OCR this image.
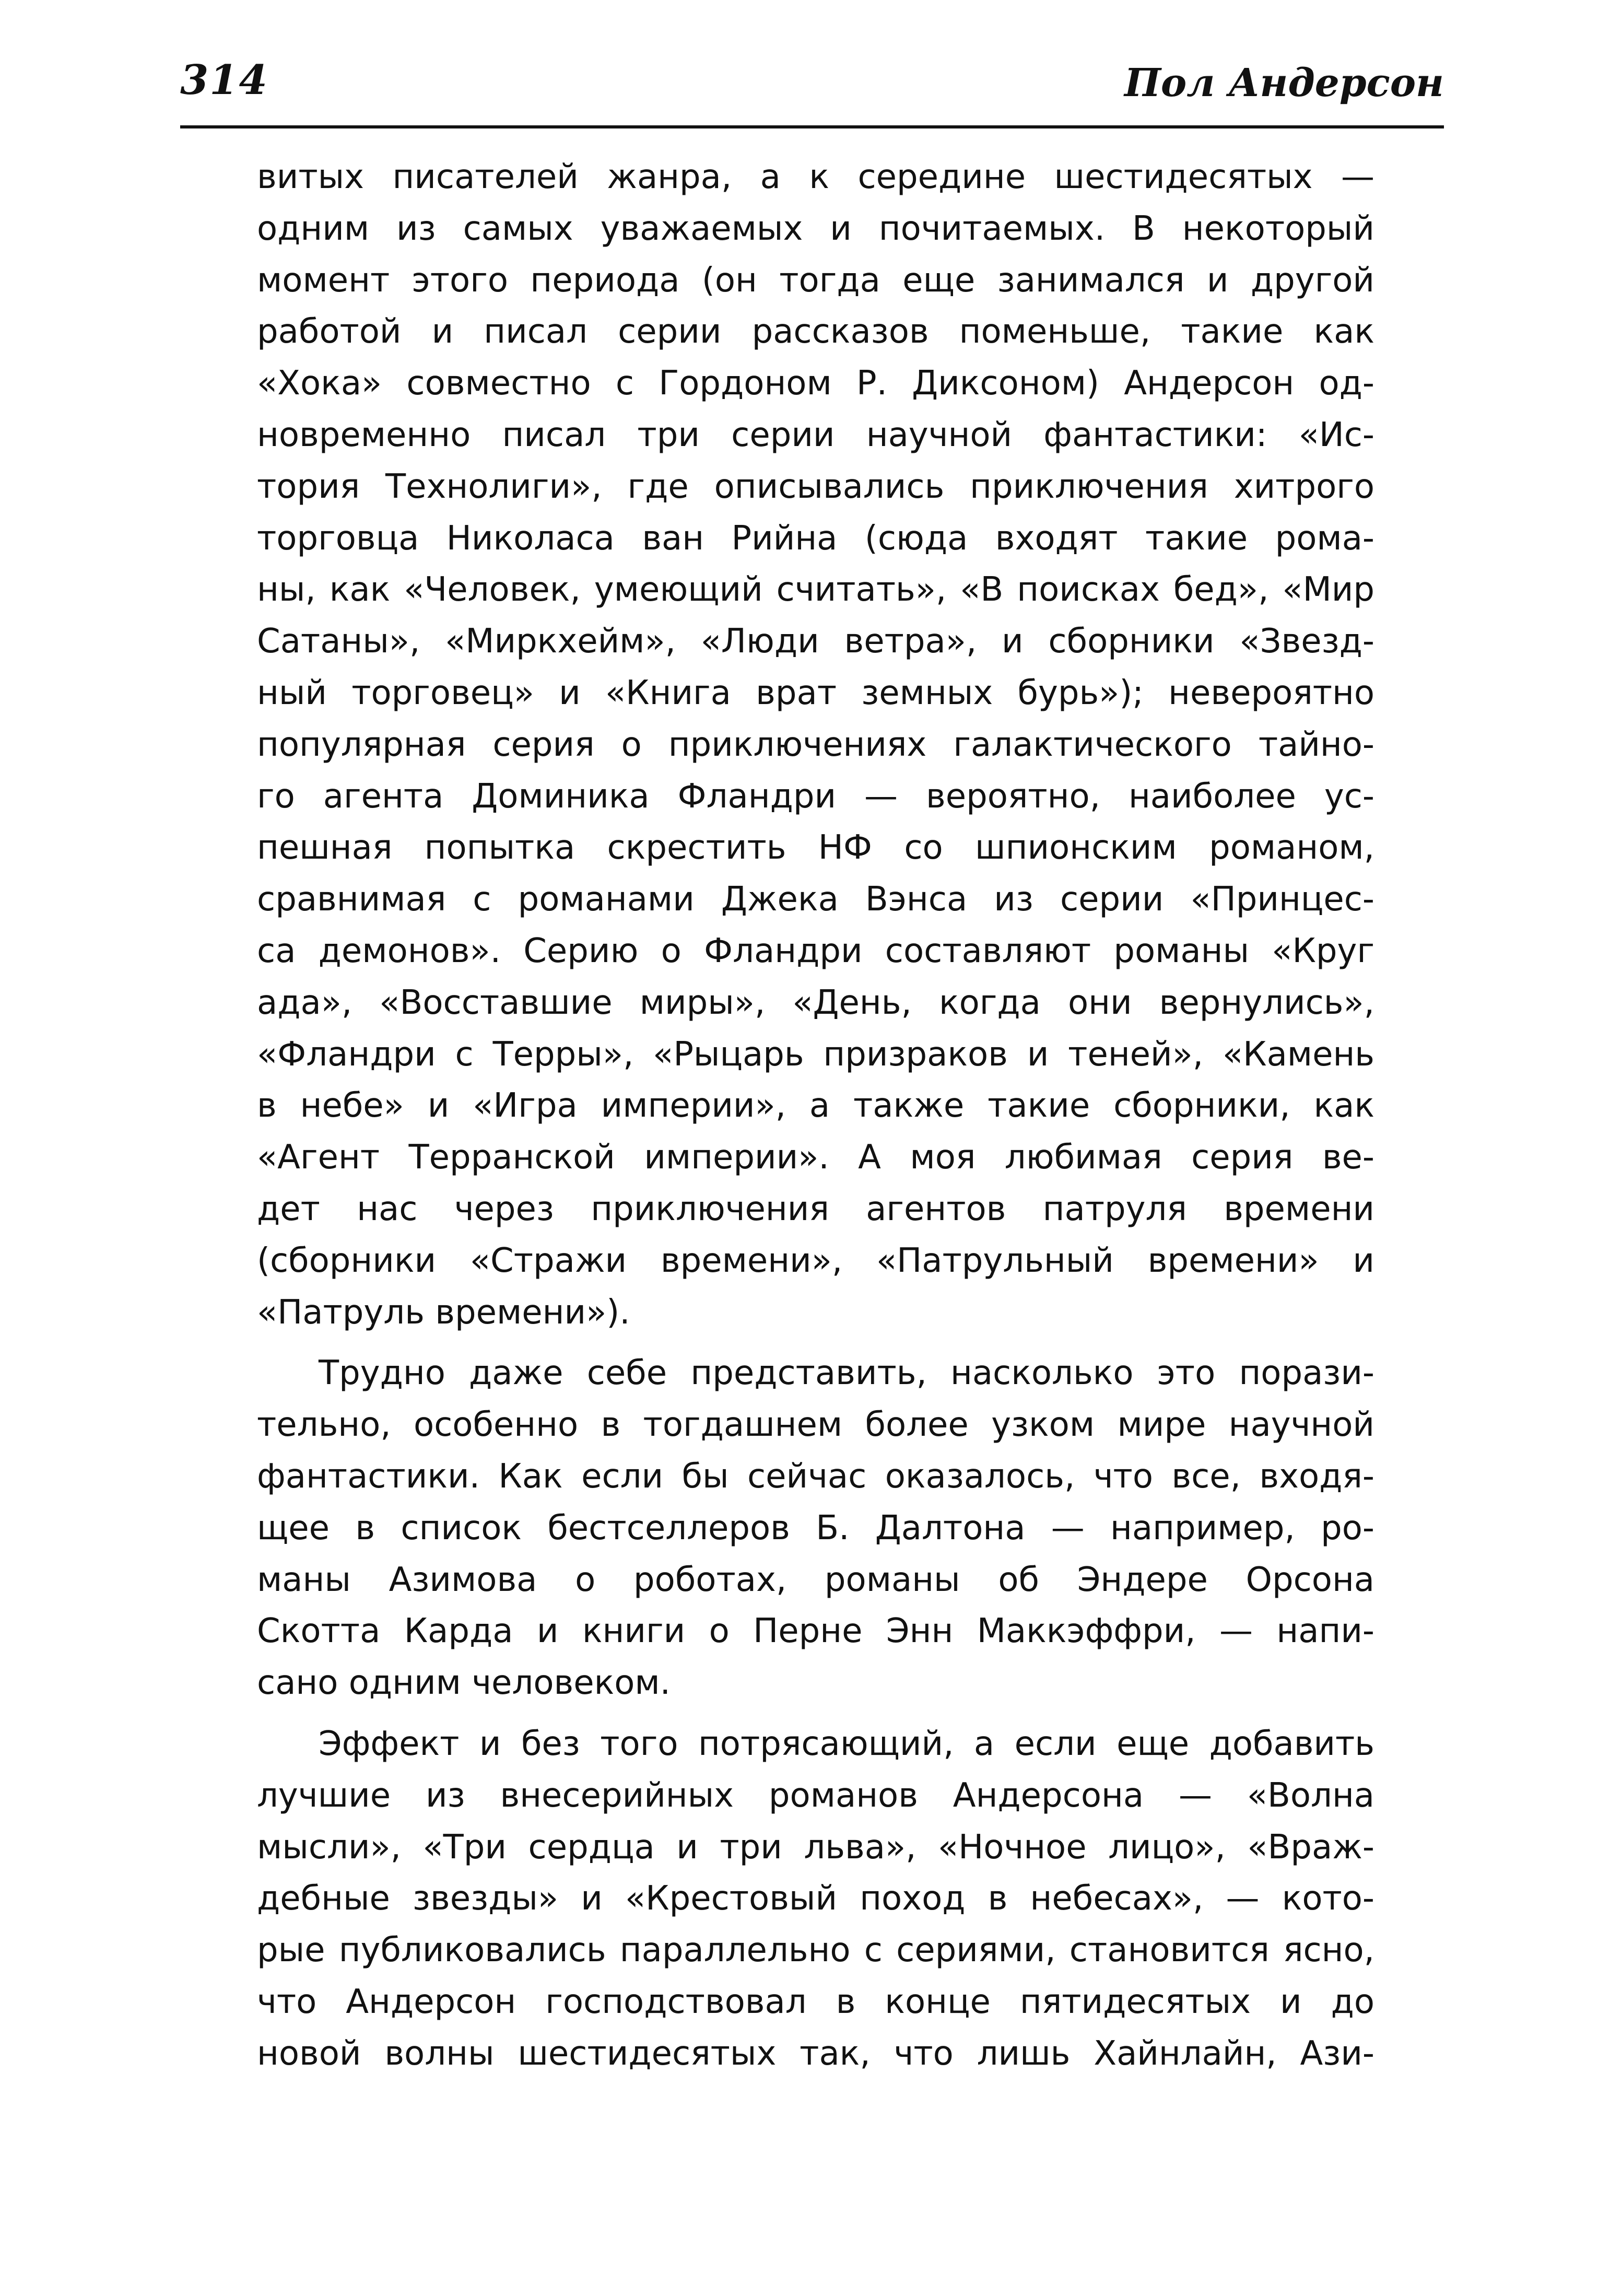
314	Пол Андерсон

витых писателей жанра, а к середине шестидесятых —
одним из самых уважаемых и почитаемых. В некоторый
момент этого периода (он тогда еще занимался и другой
работой и писал серии рассказов поменьше, такие как
«Хока» совместно с Гордоном Р. Диксоном) Андерсон од-
новременно писал три серии научной фантастики: «Ис-
тория Технолиги», где описывались приключения хитрого
торговца Николаса ван Рийна (сюда входят такие рома-
ны, как «Человек, умеющий считать», «В поисках бед», «Мир
Сатаны», «Миркхейм», «Люди ветра», и сборники «Звезд-
ный торговец» и «Книга врат земных бурь»); невероятно
популярная серия о приключениях галактического тайно-
го агента Доминика Фландри — вероятно, наиболее ус-
пешная попытка скрестить НФ со шпионским романом,
сравнимая с романами Джека Вэнса из серии «Принцес-
са демонов». Серию о Фландри составляют романы «Круг
ада», «Восставшие миры», «День, когда они вернулись»,
«Фландри с Терры», «Рыцарь призраков и теней», «Камень
в небе» и «Игра империи», а также такие сборники, как
«Агент Терранской империи». А моя любимая серия ве-
дет нас через приключения агентов патруля времени
(сборники «Стражи времени», «Патрульный времени» и
«Патруль времени»).

Трудно даже себе представить, насколько это порази-
тельно, особенно в тогдашнем более узком мире научной
фантастики. Как если бы сейчас оказалось, что все, входя-
щее в список бестселлеров Б. Далтона — например, ро-
маны Азимова о роботах, романы об Эндере Орсона
Скотта Карда и книги о Перне Энн Маккэффри, — напи-
сано одним человеком.

Эффект и без того потрясающий, а если еще добавить
лучшие из внесерийных романов Андерсона — «Волна
мысли», «Три сердца и три льва», «Ночное лицо», «Враж-
дебные звезды» и «Крестовый поход в небесах», — кото-
рые публиковались параллельно с сериями, становится ясно,
что Андерсон господствовал в конце пятидесятых и до
новой волны шестидесятых так, что лишь Хайнлайн, Ази-
